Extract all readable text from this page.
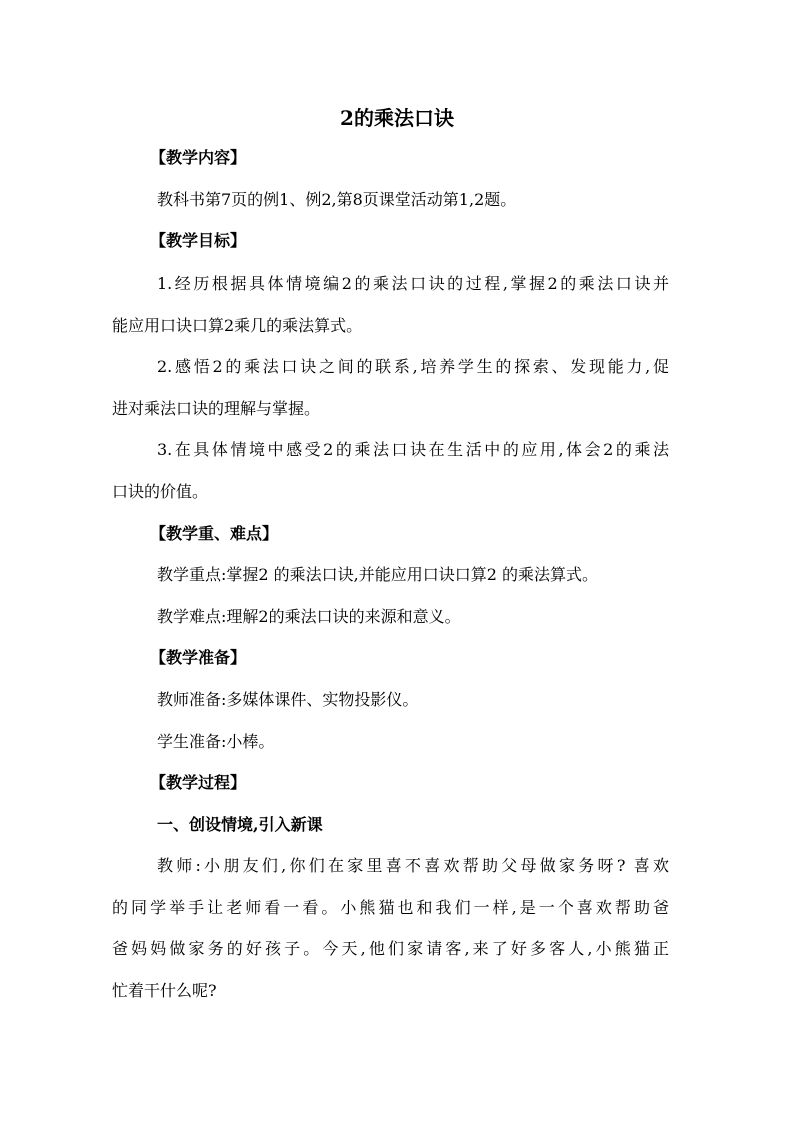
2的乘法口诀
【教学内容】
教科书第7页的例1、例2,第8页课堂活动第1,2题。
【教学目标】
1.经历根据具体情境编2的乘法口诀的过程,掌握2的乘法口诀并
能应用口诀口算2乘几的乘法算式。
2.感悟2的乘法口诀之间的联系,培养学生的探索、发现能力,促
进对乘法口诀的理解与掌握。
3.在具体情境中感受2的乘法口诀在生活中的应用,体会2的乘法
口诀的价值。
【教学重、难点】
教学重点:掌握2 的乘法口诀,并能应用口诀口算2 的乘法算式。
教学难点:理解2的乘法口诀的来源和意义。
【教学准备】
教师准备:多媒体课件、实物投影仪。
学生准备:小棒。
【教学过程】
一、创设情境,引入新课
教师:小朋友们,你们在家里喜不喜欢帮助父母做家务呀? 喜欢
的同学举手让老师看一看。小熊猫也和我们一样,是一个喜欢帮助爸
爸妈妈做家务的好孩子。今天,他们家请客,来了好多客人,小熊猫正
忙着干什么呢?
